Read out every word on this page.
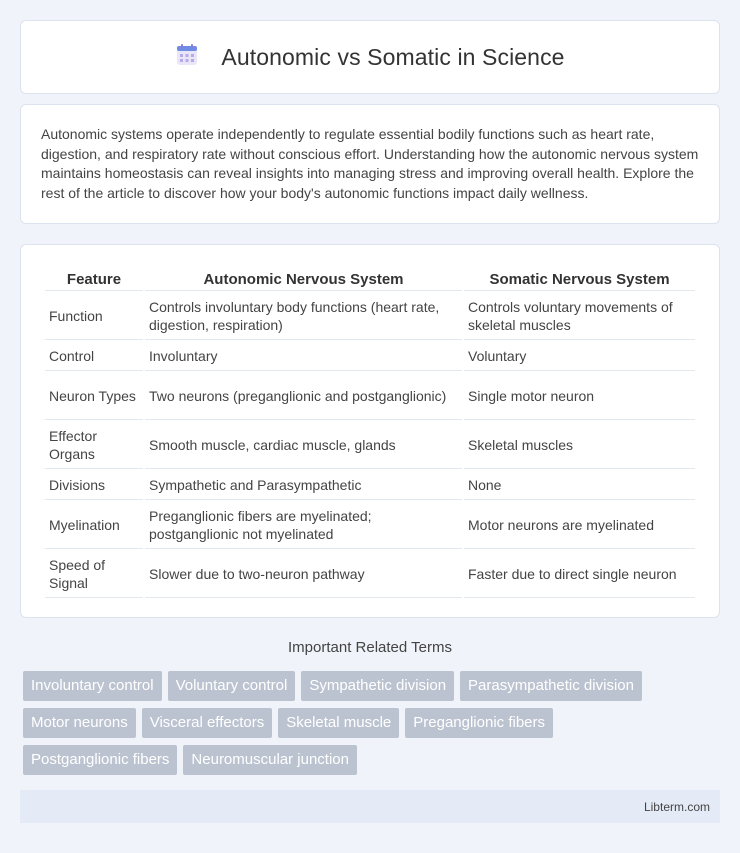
Autonomic vs Somatic in Science

Autonomic systems operate independently to regulate essential bodily functions such as heart rate, digestion, and respiratory rate without conscious effort. Understanding how the autonomic nervous system maintains homeostasis can reveal insights into managing stress and improving overall health. Explore the rest of the article to discover how your body's autonomic functions impact daily wellness.

Feature	Autonomic Nervous System	Somatic Nervous System
Function	Controls involuntary body functions (heart rate, digestion, respiration)	Controls voluntary movements of skeletal muscles
Control	Involuntary	Voluntary
Neuron Types	Two neurons (preganglionic and postganglionic)	Single motor neuron
Effector Organs	Smooth muscle, cardiac muscle, glands	Skeletal muscles
Divisions	Sympathetic and Parasympathetic	None
Myelination	Preganglionic fibers are myelinated; postganglionic not myelinated	Motor neurons are myelinated
Speed of Signal	Slower due to two-neuron pathway	Faster due to direct single neuron
Important Related Terms
Involuntary control	Voluntary control	Sympathetic division	Parasympathetic division
Motor neurons	Visceral effectors	Skeletal muscle	Preganglionic fibers
Postganglionic fibers	Neuromuscular junction
Libterm.com
